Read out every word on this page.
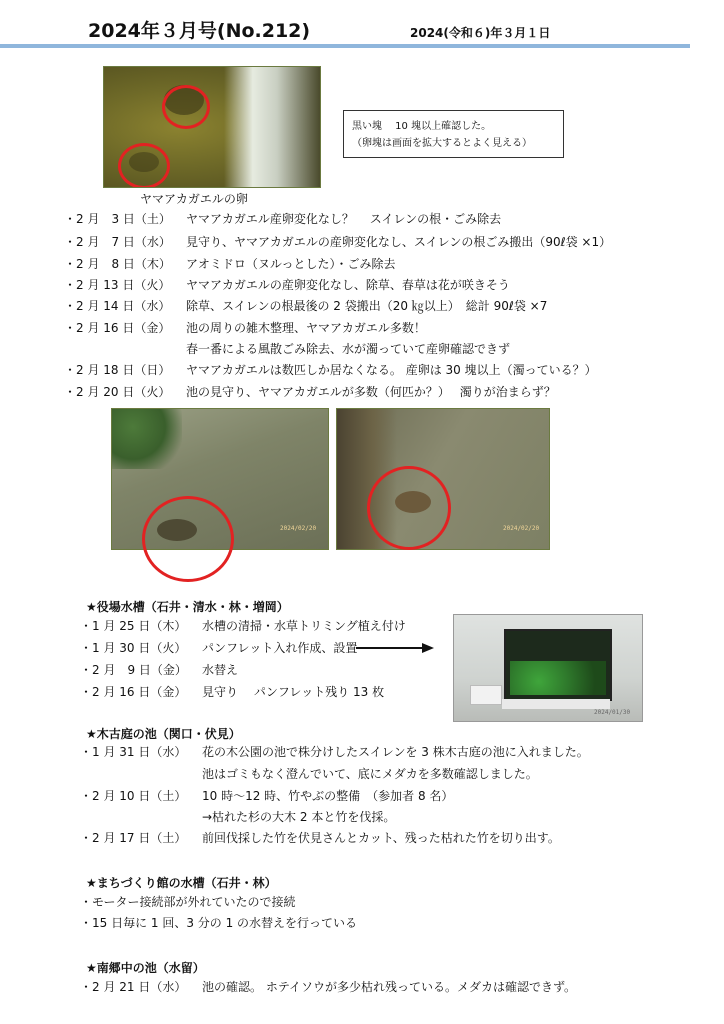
2024年３月号(No.212)	2024(令和６)年３月１日
ヤマアカガエルの卵
黒い塊　 10 塊以上確認した。
（卵塊は画面を拡大するとよく見える）
・2 月　3 日（土） ヤマアカガエル産卵変化なし？　 スイレンの根・ごみ除去
・2 月　7 日（水） 見守り、ヤマアカガエルの産卵変化なし、スイレンの根ごみ搬出（90ℓ袋 ×1）
・2 月　8 日（木） アオミドロ（ヌルっとした）・ごみ除去
・2 月 13 日（火） ヤマアカガエルの産卵変化なし、除草、春草は花が咲きそう
・2 月 14 日（水） 除草、スイレンの根最後の 2 袋搬出（20 ㎏以上）　総計 90ℓ袋 ×7
・2 月 16 日（金） 池の周りの雑木整理、ヤマアカガエル多数！
春一番による風散ごみ除去、水が濁っていて産卵確認できず
・2 月 18 日（日） ヤマアカガエルは数匹しか居なくなる。 産卵は 30 塊以上（濁っている？）
・2 月 20 日（火） 池の見守り、ヤマアカガエルが多数（何匹か？）　 濁りが治まらず？
2024/02/20	2024/02/20
★役場水槽（石井・清水・林・増岡）
・1 月 25 日（木） 水槽の清掃・水草トリミング植え付け
・1 月 30 日（火） パンフレット入れ作成、設置
・2 月　9 日（金） 水替え
・2 月 16 日（金） 見守り　 パンフレット残り 13 枚
2024/01/30
★木古庭の池（関口・伏見）
・1 月 31 日（水） 花の木公園の池で株分けしたスイレンを 3 株木古庭の池に入れました。
池はゴミもなく澄んでいて、底にメダカを多数確認しました。
・2 月 10 日（土） 10 時～12 時、竹やぶの整備　（参加者 8 名）
→枯れた杉の大木 2 本と竹を伐採。
・2 月 17 日（土） 前回伐採した竹を伏見さんとカット、残った枯れた竹を切り出す。
★まちづくり館の水槽（石井・林）
・モーター接続部が外れていたので接続
・15 日毎に 1 回、3 分の 1 の水替えを行っている
★南郷中の池（水留）
・2 月 21 日（水） 池の確認。 ホテイソウが多少枯れ残っている。メダカは確認できず。
